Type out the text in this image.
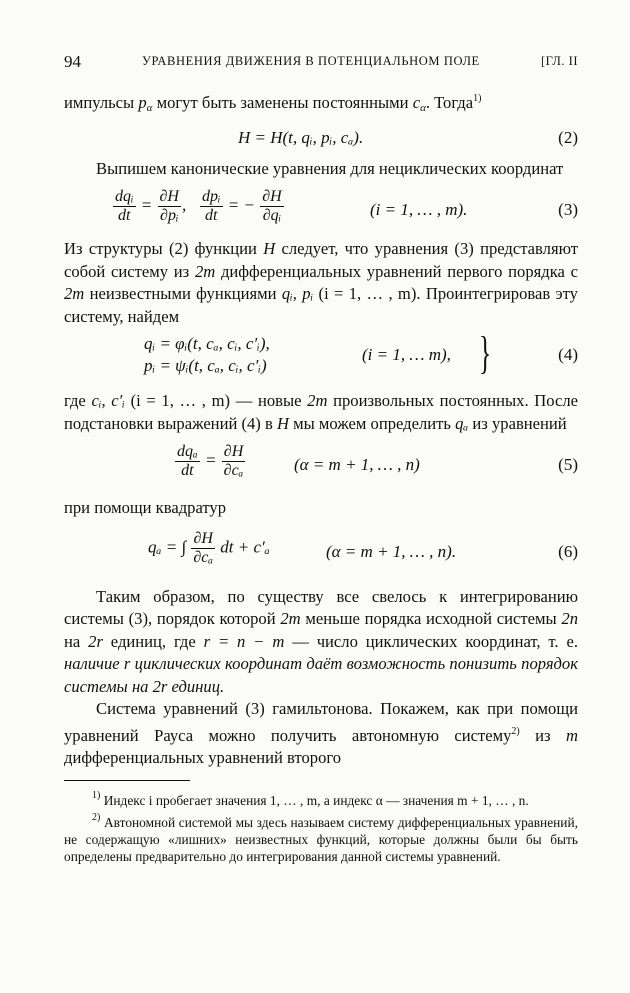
94	УРАВНЕНИЯ ДВИЖЕНИЯ В ПОТЕНЦИАЛЬНОМ ПОЛЕ	[ГЛ. II

импульсы $p_\alpha$ могут быть заменены постоянными $c_\alpha$. Тогда$^{1)}$

H = H(t, qᵢ, pᵢ, cₐ).	(2)

Выпишем канонические уравнения для нециклических координат

$\frac{\text{dqᵢ}}{dt} = \frac{\partial H}{\text{∂pᵢ}}$ , $\frac{\text{dpᵢ}}{dt}$ = − $\frac{\partial H}{\text{∂qᵢ}}$	(i = 1, … , m).	(3)

Из структуры (2) функции H следует, что уравнения (3) представляют собой систему из 2m дифференциальных уравнений первого порядка с 2m неизвестными функциями qᵢ, pᵢ (i = 1, … , m). Проинтегрировав эту систему, найдем

qᵢ = φᵢ(t, cₐ, cᵢ, c′ᵢ),
pᵢ = ψᵢ(t, cₐ, cᵢ, c′ᵢ)
(i = 1, … m), }	(4)

где cᵢ, c′ᵢ (i = 1, … , m) — новые 2m произвольных постоянных. После подстановки выражений (4) в H мы можем определить qₐ из уравнений

$\frac{\text{dqₐ}}{dt} = \frac{\partial H}{\text{∂cₐ}}$	(α = m + 1, … , n)	(5)

при помощи квадратур

qₐ = ∫ $\frac{\partial H}{\text{∂cₐ}}$ dt + c′ₐ	(α = m + 1, … , n).	(6)

Таким образом, по существу все свелось к интегрированию системы (3), порядок которой 2m меньше порядка исходной системы 2n на 2r единиц, где r = n − m — число циклических координат, т. е. наличие r циклических координат даёт возможность понизить порядок системы на 2r единиц.

Система уравнений (3) гамильтонова. Покажем, как при помощи уравнений Рауса можно получить автономную систему$^{2)}$ из m дифференциальных уравнений второго

$^{1)}$ Индекс i пробегает значения 1, … , m, а индекс α — значения m + 1, … , n.

$^{2)}$ Автономной системой мы здесь называем систему дифференциальных уравнений, не содержащую «лишних» неизвестных функций, которые должны были бы быть определены предварительно до интегрирования данной системы уравнений.
